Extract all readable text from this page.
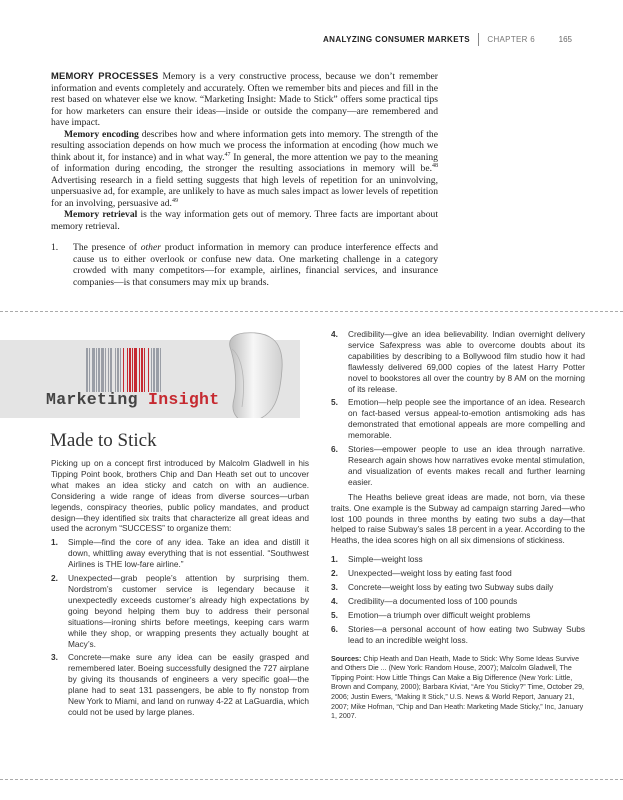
ANALYZING CONSUMER MARKETS CHAPTER 6	165

MEMORY PROCESSES Memory is a very constructive process, because we don’t remember information and events completely and accurately. Often we remember bits and pieces and fill in the rest based on whatever else we know. “Marketing Insight: Made to Stick” offers some practical tips for how marketers can ensure their ideas—inside or outside the company—are remembered and have impact.

Memory encoding describes how and where information gets into memory. The strength of the resulting association depends on how much we process the information at encoding (how much we think about it, for instance) and in what way.$^{47}$ In general, the more attention we pay to the meaning of information during encoding, the stronger the resulting associations in memory will be.$^{48}$ Advertising research in a field setting suggests that high levels of repetition for an uninvolving, unpersuasive ad, for example, are unlikely to have as much sales impact as lower levels of repetition for an involving, persuasive ad.$^{49}$

Memory retrieval is the way information gets out of memory. Three facts are important about memory retrieval.

1. The presence of other product information in memory can produce interference effects and cause us to either overlook or confuse new data. One marketing challenge in a category crowded with many competitors—for example, airlines, financial services, and insurance companies—is that consumers may mix up brands.
Marketing Insight
Made to Stick

Picking up on a concept first introduced by Malcolm Gladwell in his Tipping Point book, brothers Chip and Dan Heath set out to uncover what makes an idea sticky and catch on with an audience. Considering a wide range of ideas from diverse sources—urban legends, conspiracy theories, public policy mandates, and product design—they identified six traits that characterize all great ideas and used the acronym “SUCCESS” to organize them:

1. Simple—find the core of any idea. Take an idea and distill it down, whittling away everything that is not essential. “Southwest Airlines is THE low-fare airline.”
2. Unexpected—grab people’s attention by surprising them. Nordstrom’s customer service is legendary because it unexpectedly exceeds customer’s already high expectations by going beyond helping them buy to address their personal situations—ironing shirts before meetings, keeping cars warm while they shop, or wrapping presents they actually bought at Macy’s.
3. Concrete—make sure any idea can be easily grasped and remembered later. Boeing successfully designed the 727 airplane by giving its thousands of engineers a very specific goal—the plane had to seat 131 passengers, be able to fly nonstop from New York to Miami, and land on runway 4-22 at LaGuardia, which could not be used by large planes.
4. Credibility—give an idea believability. Indian overnight delivery service Safexpress was able to overcome doubts about its capabilities by describing to a Bollywood film studio how it had flawlessly delivered 69,000 copies of the latest Harry Potter novel to bookstores all over the country by 8 AM on the morning of its release.
5. Emotion—help people see the importance of an idea. Research on fact-based versus appeal-to-emotion antismoking ads has demonstrated that emotional appeals are more compelling and memorable.
6. Stories—empower people to use an idea through narrative. Research again shows how narratives evoke mental stimulation, and visualization of events makes recall and further learning easier.

The Heaths believe great ideas are made, not born, via these traits. One example is the Subway ad campaign starring Jared—who lost 100 pounds in three months by eating two subs a day—that helped to raise Subway’s sales 18 percent in a year. According to the Heaths, the idea scores high on all six dimensions of stickiness.

1. Simple—weight loss
2. Unexpected—weight loss by eating fast food
3. Concrete—weight loss by eating two Subway subs daily
4. Credibility—a documented loss of 100 pounds
5. Emotion—a triumph over difficult weight problems
6. Stories—a personal account of how eating two Subway Subs lead to an incredible weight loss.
Sources: Chip Heath and Dan Heath, Made to Stick: Why Some Ideas Survive and Others Die ... (New York: Random House, 2007); Malcolm Gladwell, The Tipping Point: How Little Things Can Make a Big Difference (New York: Little, Brown and Company, 2000); Barbara Kiviat, “Are You Sticky?” Time, October 29, 2006; Justin Ewers, “Making It Stick,” U.S. News & World Report, January 21, 2007; Mike Hofman, “Chip and Dan Heath: Marketing Made Sticky,” Inc, January 1, 2007.
